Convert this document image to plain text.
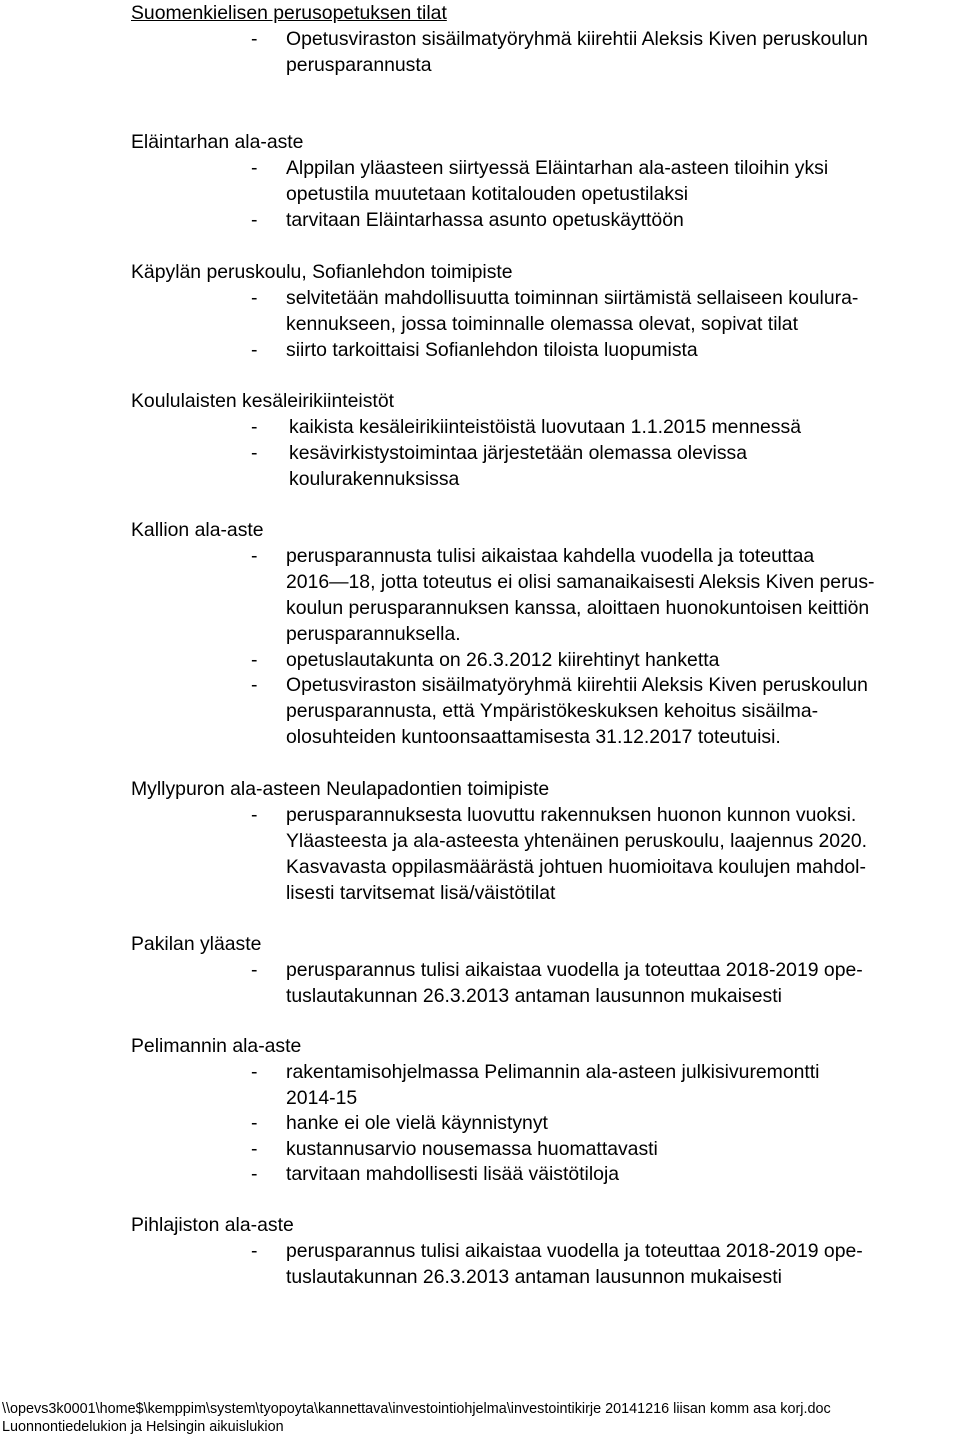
Suomenkielisen perusopetuksen tilat
- Opetusviraston sisäilmatyöryhmä kiirehtii Aleksis Kiven peruskoulun
perusparannusta
Eläintarhan ala-aste
- Alppilan yläasteen siirtyessä Eläintarhan ala-asteen tiloihin yksi
opetustila muutetaan kotitalouden opetustilaksi
- tarvitaan Eläintarhassa asunto opetuskäyttöön
Käpylän peruskoulu, Sofianlehdon toimipiste
- selvitetään mahdollisuutta toiminnan siirtämistä sellaiseen koulura-
kennukseen, jossa toiminnalle olemassa olevat, sopivat tilat
- siirto tarkoittaisi Sofianlehdon tiloista luopumista
Koululaisten kesäleirikiinteistöt
- kaikista kesäleirikiinteistöistä luovutaan 1.1.2015 mennessä
- kesävirkistystoimintaa järjestetään olemassa olevissa
koulurakennuksissa
Kallion ala-aste
- perusparannusta tulisi aikaistaa kahdella vuodella ja toteuttaa
2016—18, jotta toteutus ei olisi samanaikaisesti Aleksis Kiven perus-
koulun perusparannuksen kanssa, aloittaen huonokuntoisen keittiön
perusparannuksella.
- opetuslautakunta on 26.3.2012 kiirehtinyt hanketta
- Opetusviraston sisäilmatyöryhmä kiirehtii Aleksis Kiven peruskoulun
perusparannusta, että Ympäristökeskuksen kehoitus sisäilma-
olosuhteiden kuntoonsaattamisesta 31.12.2017 toteutuisi.
Myllypuron ala-asteen Neulapadontien toimipiste
- perusparannuksesta luovuttu rakennuksen huonon kunnon vuoksi.
Yläasteesta ja ala-asteesta yhtenäinen peruskoulu, laajennus 2020.
Kasvavasta oppilasmäärästä johtuen huomioitava koulujen mahdol-
lisesti tarvitsemat lisä/väistötilat
Pakilan yläaste
- perusparannus tulisi aikaistaa vuodella ja toteuttaa 2018-2019 ope-
tuslautakunnan 26.3.2013 antaman lausunnon mukaisesti
Pelimannin ala-aste
- rakentamisohjelmassa Pelimannin ala-asteen julkisivuremontti
2014-15
- hanke ei ole vielä käynnistynyt
- kustannusarvio nousemassa huomattavasti
- tarvitaan mahdollisesti lisää väistötiloja
Pihlajiston ala-aste
- perusparannus tulisi aikaistaa vuodella ja toteuttaa 2018-2019 ope-
tuslautakunnan 26.3.2013 antaman lausunnon mukaisesti
\\opevs3k0001\home$\kemppim\system\tyopoyta\kannettava\investointiohjelma\investointikirje 20141216 liisan komm asa korj.doc
Luonnontiedelukion ja Helsingin aikuislukion
